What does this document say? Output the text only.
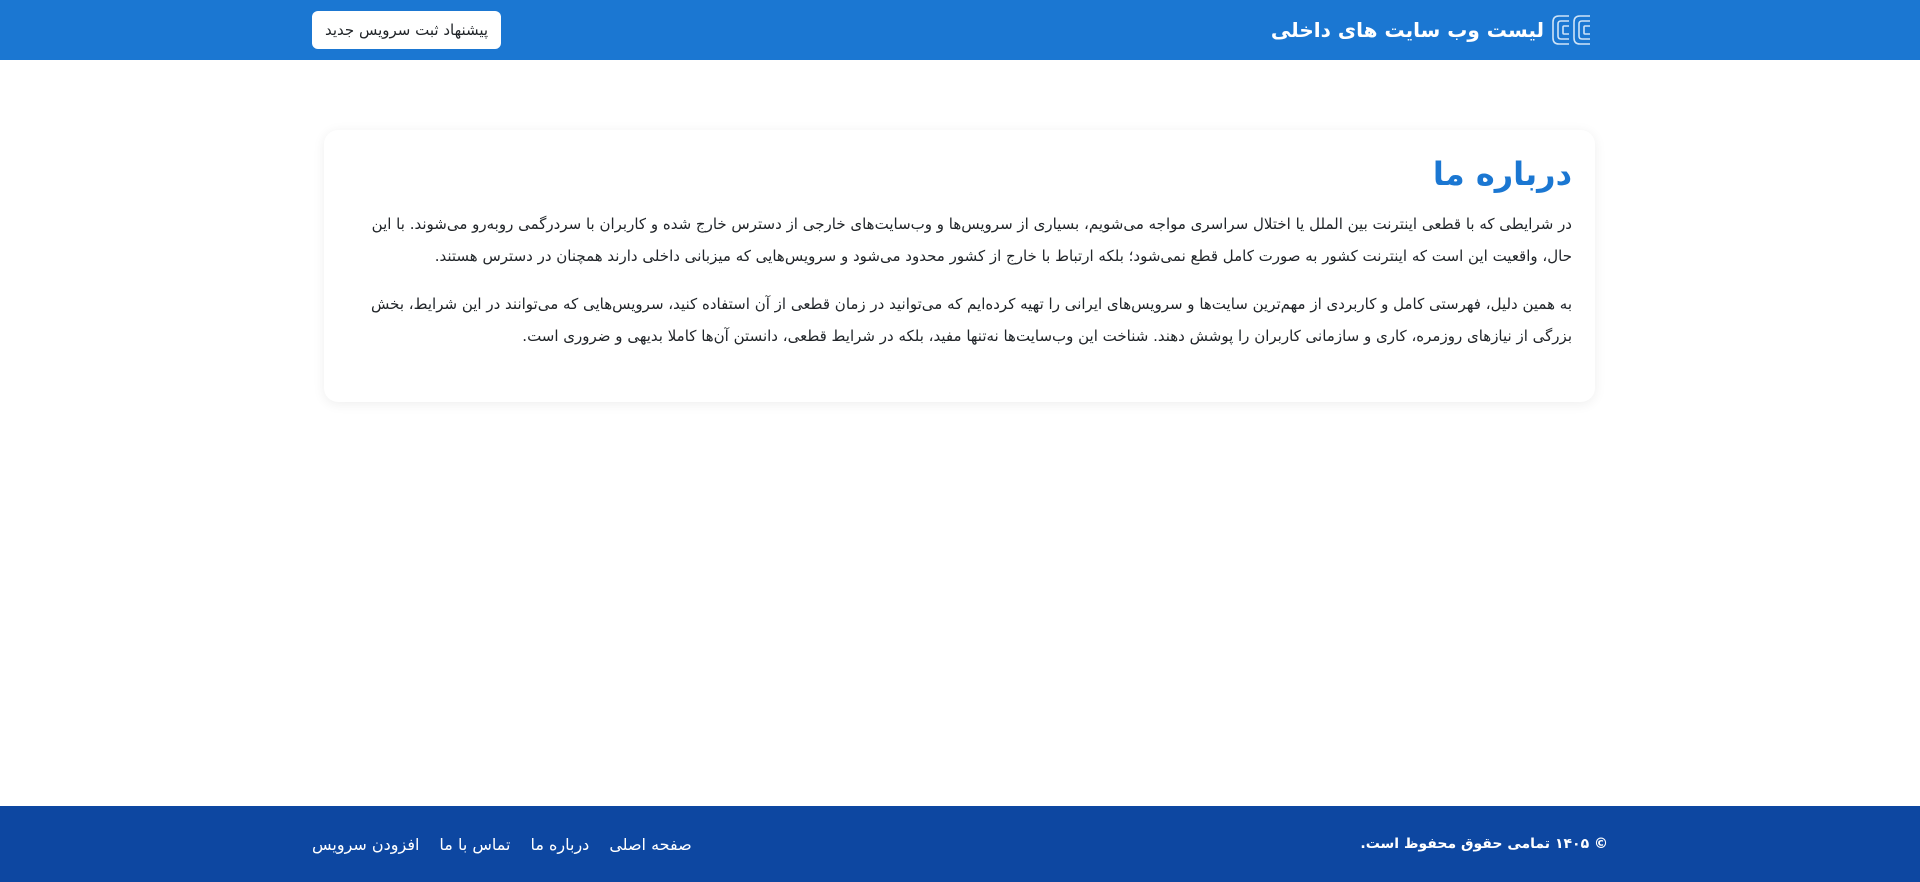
لیست وب سایت های داخلی
پیشنهاد ثبت سرویس جدید
درباره ما

در شرایطی که با قطعی اینترنت بین الملل یا اختلال سراسری مواجه می‌شویم، بسیاری از سرویس‌ها و وب‌سایت‌های خارجی از دسترس خارج شده و کاربران با سردرگمی روبه‌رو می‌شوند. با این حال، واقعیت این است که اینترنت کشور به صورت کامل قطع نمی‌شود؛ بلکه ارتباط با خارج از کشور محدود می‌شود و سرویس‌هایی که میزبانی داخلی دارند همچنان در دسترس هستند.

به همین دلیل، فهرستی کامل و کاربردی از مهم‌ترین سایت‌ها و سرویس‌های ایرانی را تهیه کرده‌ایم که می‌توانید در زمان قطعی از آن استفاده کنید، سرویس‌هایی که می‌توانند در این شرایط، بخش بزرگی از نیازهای روزمره، کاری و سازمانی کاربران را پوشش دهند. شناخت این وب‌سایت‌ها نه‌تنها مفید، بلکه در شرایط قطعی، دانستن آن‌ها کاملا بدیهی و ضروری است.

© ۱۴۰۵ تمامی حقوق محفوظ است.
صفحه اصلی
درباره ما
تماس با ما
افزودن سرویس
